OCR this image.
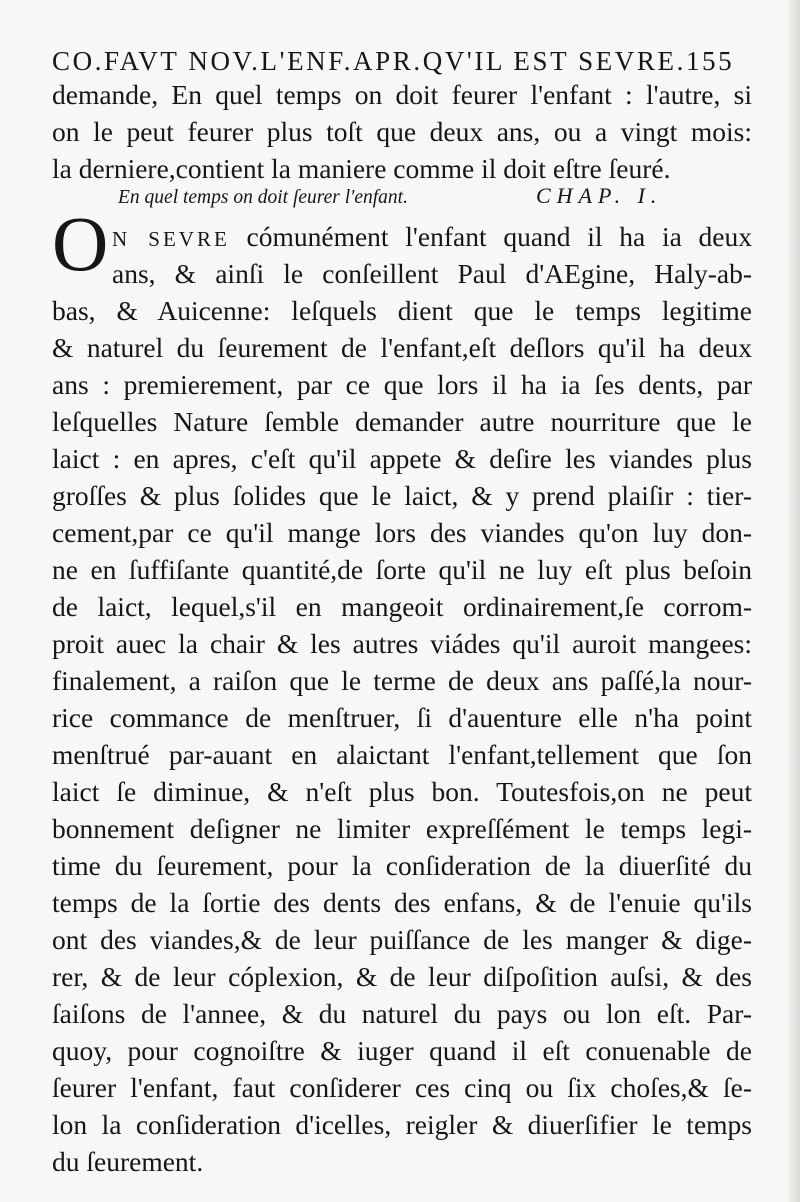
CO.FAVT NOV.L'ENF.APR.QV'IL EST SEVRE.155
demande, En quel temps on doit feurer l'enfant : l'autre, si
on le peut feurer plus toſt que deux ans, ou a vingt mois:
la derniere,contient la maniere comme il doit eſtre ſeuré.
En quel temps on doit ſeurer l'enfant.	CHAP. I.
O N SEVRE cómunément l'enfant quand il ha ia deux
ans, & ainſi le conſeillent Paul d'AEgine, Haly-ab-
bas, & Auicenne: leſquels dient que le temps legitime
& naturel du ſeurement de l'enfant,eſt deſlors qu'il ha deux
ans : premierement, par ce que lors il ha ia ſes dents, par
leſquelles Nature ſemble demander autre nourriture que le
laict : en apres, c'eſt qu'il appete & deſire les viandes plus
groſſes & plus ſolides que le laict, & y prend plaiſir : tier-
cement,par ce qu'il mange lors des viandes qu'on luy don-
ne en ſuffiſante quantité,de ſorte qu'il ne luy eſt plus beſoin
de laict, lequel,s'il en mangeoit ordinairement,ſe corrom-
proit auec la chair & les autres viádes qu'il auroit mangees:
finalement, a raiſon que le terme de deux ans paſſé,la nour-
rice commance de menſtruer, ſi d'auenture elle n'ha point
menſtrué par-auant en alaictant l'enfant,tellement que ſon
laict ſe diminue, & n'eſt plus bon. Toutesfois,on ne peut
bonnement deſigner ne limiter expreſſément le temps legi-
time du ſeurement, pour la conſideration de la diuerſité du
temps de la ſortie des dents des enfans, & de l'enuie qu'ils
ont des viandes,& de leur puiſſance de les manger & dige-
rer, & de leur cóplexion, & de leur diſpoſition auſsi, & des
ſaiſons de l'annee, & du naturel du pays ou lon eſt. Par-
quoy, pour cognoiſtre & iuger quand il eſt conuenable de
ſeurer l'enfant, faut conſiderer ces cinq ou ſix choſes,& ſe-
lon la conſideration d'icelles, reigler & diuerſifier le temps
du ſeurement.
